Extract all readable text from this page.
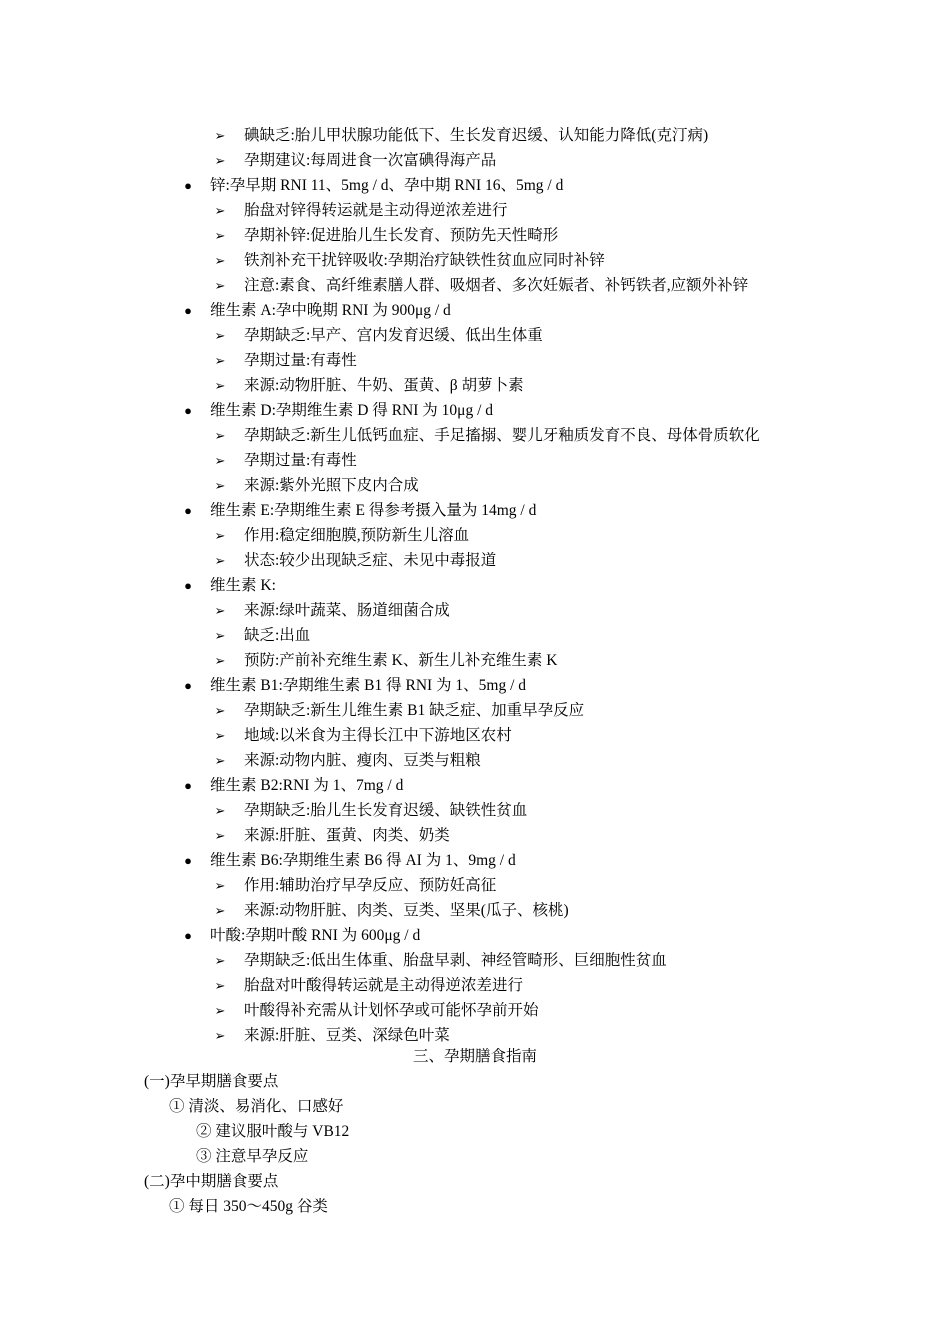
➢ 碘缺乏:胎儿甲状腺功能低下、生长发育迟缓、认知能力降低(克汀病)
➢ 孕期建议:每周进食一次富碘得海产品
●	锌:孕早期 RNI 11、5mg / d、孕中期 RNI 16、5mg / d
➢ 胎盘对锌得转运就是主动得逆浓差进行
➢ 孕期补锌:促进胎儿生长发育、预防先天性畸形
➢ 铁剂补充干扰锌吸收:孕期治疗缺铁性贫血应同时补锌
➢ 注意:素食、高纤维素膳人群、吸烟者、多次妊娠者、补钙铁者,应额外补锌
●	维生素 A:孕中晚期 RNI 为 900μg / d
➢ 孕期缺乏:早产、宫内发育迟缓、低出生体重
➢ 孕期过量:有毒性
➢ 来源:动物肝脏、牛奶、蛋黄、β 胡萝卜素
●	维生素 D:孕期维生素 D 得 RNI 为 10μg / d
➢ 孕期缺乏:新生儿低钙血症、手足搐搦、婴儿牙釉质发育不良、母体骨质软化
➢ 孕期过量:有毒性
➢ 来源:紫外光照下皮内合成
●	维生素 E:孕期维生素 E 得参考摄入量为 14mg / d
➢ 作用:稳定细胞膜,预防新生儿溶血
➢ 状态:较少出现缺乏症、未见中毒报道
●	维生素 K:
➢ 来源:绿叶蔬菜、肠道细菌合成
➢ 缺乏:出血
➢ 预防:产前补充维生素 K、新生儿补充维生素 K
●	维生素 B1:孕期维生素 B1 得 RNI 为 1、5mg / d
➢ 孕期缺乏:新生儿维生素 B1 缺乏症、加重早孕反应
➢ 地域:以米食为主得长江中下游地区农村
➢ 来源:动物内脏、瘦肉、豆类与粗粮
●	维生素 B2:RNI 为 1、7mg / d
➢ 孕期缺乏:胎儿生长发育迟缓、缺铁性贫血
➢ 来源:肝脏、蛋黄、肉类、奶类
●	维生素 B6:孕期维生素 B6 得 AI 为 1、9mg / d
➢ 作用:辅助治疗早孕反应、预防妊高征
➢ 来源:动物肝脏、肉类、豆类、坚果(瓜子、核桃)
●	叶酸:孕期叶酸 RNI 为 600μg / d
➢ 孕期缺乏:低出生体重、胎盘早剥、神经管畸形、巨细胞性贫血
➢ 胎盘对叶酸得转运就是主动得逆浓差进行
➢ 叶酸得补充需从计划怀孕或可能怀孕前开始
➢ 来源:肝脏、豆类、深绿色叶菜
三、孕期膳食指南
(一)孕早期膳食要点
① 清淡、易消化、口感好
② 建议服叶酸与 VB12
③ 注意早孕反应
(二)孕中期膳食要点
① 每日 350～450g 谷类
